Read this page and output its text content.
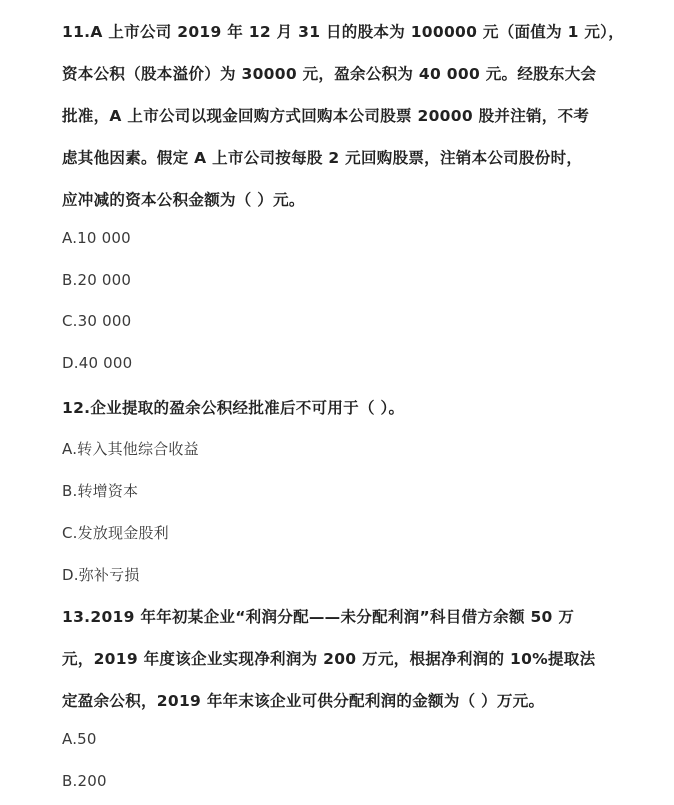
11.A 上市公司 2019 年 12 月 31 日的股本为 100000 元（面值为 1 元），
资本公积（股本溢价）为 30000 元，盈余公积为 40 000 元。经股东大会
批准，A 上市公司以现金回购方式回购本公司股票 20000 股并注销，不考
虑其他因素。假定 A 上市公司按每股 2 元回购股票，注销本公司股份时，
应冲减的资本公积金额为（ ）元。
A.10 000
B.20 000
C.30 000
D.40 000
12.企业提取的盈余公积经批准后不可用于（ ）。
A.转入其他综合收益
B.转增资本
C.发放现金股利
D.弥补亏损
13.2019 年年初某企业“利润分配——未分配利润”科目借方余额 50 万
元，2019 年度该企业实现净利润为 200 万元，根据净利润的 10%提取法
定盈余公积，2019 年年末该企业可供分配利润的金额为（ ）万元。
A.50
B.200
